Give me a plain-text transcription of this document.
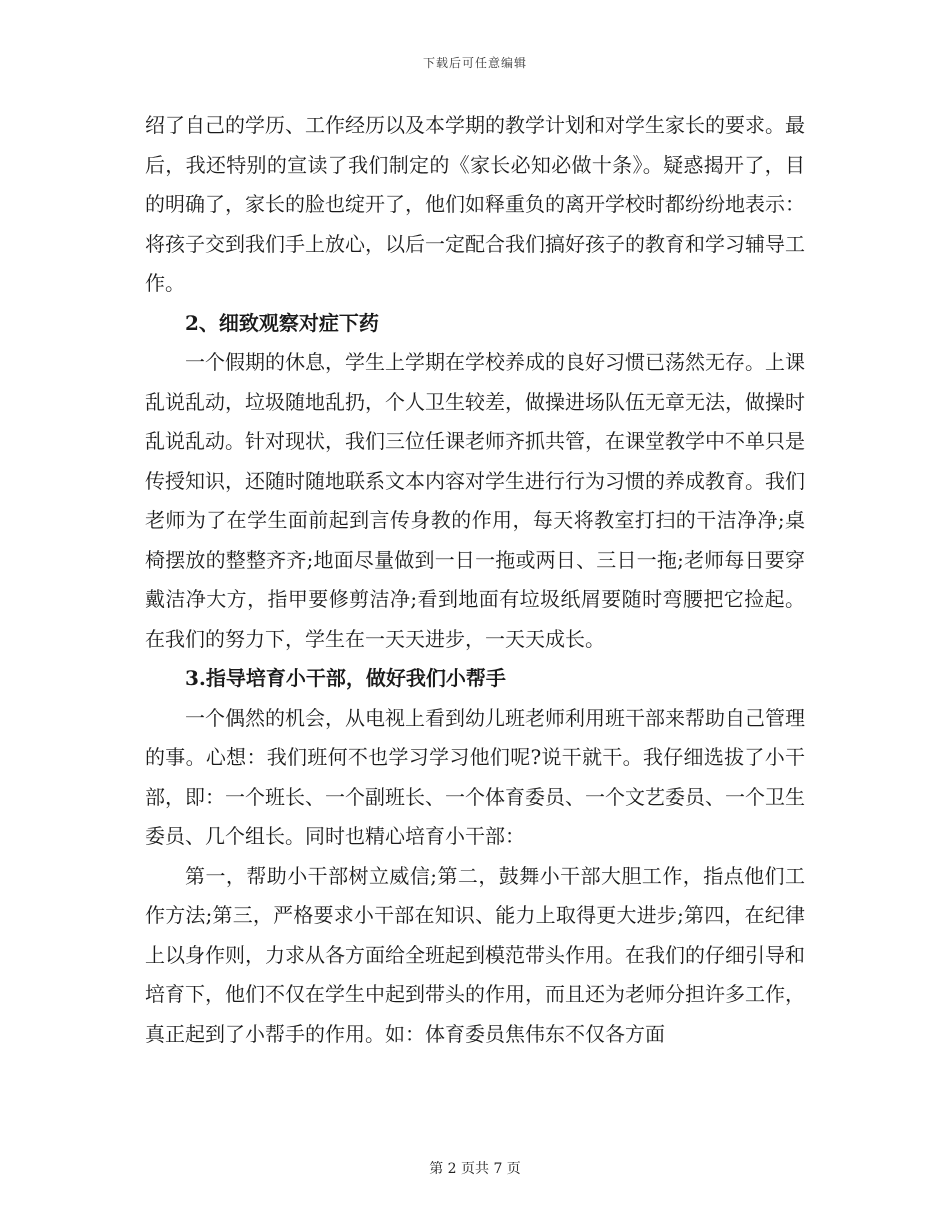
下载后可任意编辑

绍了自己的学历、工作经历以及本学期的教学计划和对学生家长的要求。最后，我还特别的宣读了我们制定的《家长必知必做十条》。疑惑揭开了，目的明确了，家长的脸也绽开了，他们如释重负的离开学校时都纷纷地表示：将孩子交到我们手上放心，以后一定配合我们搞好孩子的教育和学习辅导工作。

2、细致观察对症下药

一个假期的休息，学生上学期在学校养成的良好习惯已荡然无存。上课乱说乱动，垃圾随地乱扔，个人卫生较差，做操进场队伍无章无法，做操时乱说乱动。针对现状，我们三位任课老师齐抓共管，在课堂教学中不单只是传授知识，还随时随地联系文本内容对学生进行行为习惯的养成教育。我们老师为了在学生面前起到言传身教的作用，每天将教室打扫的干洁净净;桌椅摆放的整整齐齐;地面尽量做到一日一拖或两日、三日一拖;老师每日要穿戴洁净大方，指甲要修剪洁净;看到地面有垃圾纸屑要随时弯腰把它捡起。在我们的努力下，学生在一天天进步，一天天成长。

3.指导培育小干部，做好我们小帮手

一个偶然的机会，从电视上看到幼儿班老师利用班干部来帮助自己管理的事。心想：我们班何不也学习学习他们呢?说干就干。我仔细选拔了小干部，即：一个班长、一个副班长、一个体育委员、一个文艺委员、一个卫生委员、几个组长。同时也精心培育小干部：

第一，帮助小干部树立威信;第二，鼓舞小干部大胆工作，指点他们工作方法;第三，严格要求小干部在知识、能力上取得更大进步;第四，在纪律上以身作则，力求从各方面给全班起到模范带头作用。在我们的仔细引导和培育下，他们不仅在学生中起到带头的作用，而且还为老师分担许多工作，真正起到了小帮手的作用。如：体育委员焦伟东不仅各方面

第 2 页共 7 页
